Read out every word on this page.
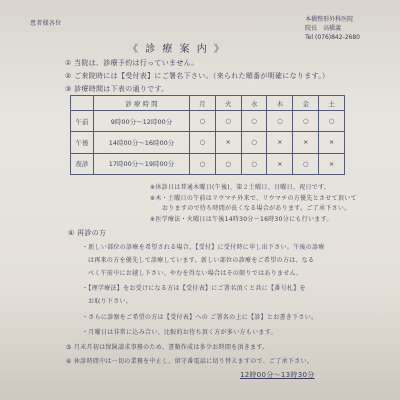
患者様各位
本橋整形外科医院
院長　高橋義
Tel (076)842-2680
《 診 療 案 内 》
① 当院は、診療予約は行っていません。
② ご来院時には【受付表】にご署名下さい。（来られた順番が明確になります。）
③ 診療時間は下表の通りです。
	診 療 時 間	月	火	水	木	金	土
午前	9時00分～12時00分	○	○	○	○	○	○
午後	14時00分～16時00分	○	×	○	×	×	×
夜診	17時00分～19時00分	○	○	○	×	○	×
※休診日は普通木曜日(午後)、第２土曜日、日曜日、祝日です。
※木・土曜日の午前はリウマチ外来で、リウマチの方優先とさせて頂いて
おりますので待ち時間が長くなる場合があります。ご了承下さい。
※医学療法・火曜日は午後14時30分～16時30分にも行います。
④ 再診の方
・新しい部位の診療を希望される場合、【受付】に受付時に申し出下さい。午後の診療
は再来の方を優先して診療しています。新しい部位の診療をご希望の方は、なる
べく午前中にお越し下さい。やむを得ない場合はその限りではありません。
・【理学療法】をお受けになる方は【受付表】にご署名頂くと共に【番号札】を
お取り下さい。
・さらに診察をご希望の方は【受付表】への ご署名の上に【診】とお書き下さい。
・月曜日は非常に込み合い、比較的お待ち頂く方が多い方もいます。
⑤ 月末月初は保険請求事務のため、書類作成は多少お時間を頂きます。
⑥ 休診時間中は一切の業務を中止し、留守番電話に切り替えますので、ご了承下さい。
12時00分～13時30分
